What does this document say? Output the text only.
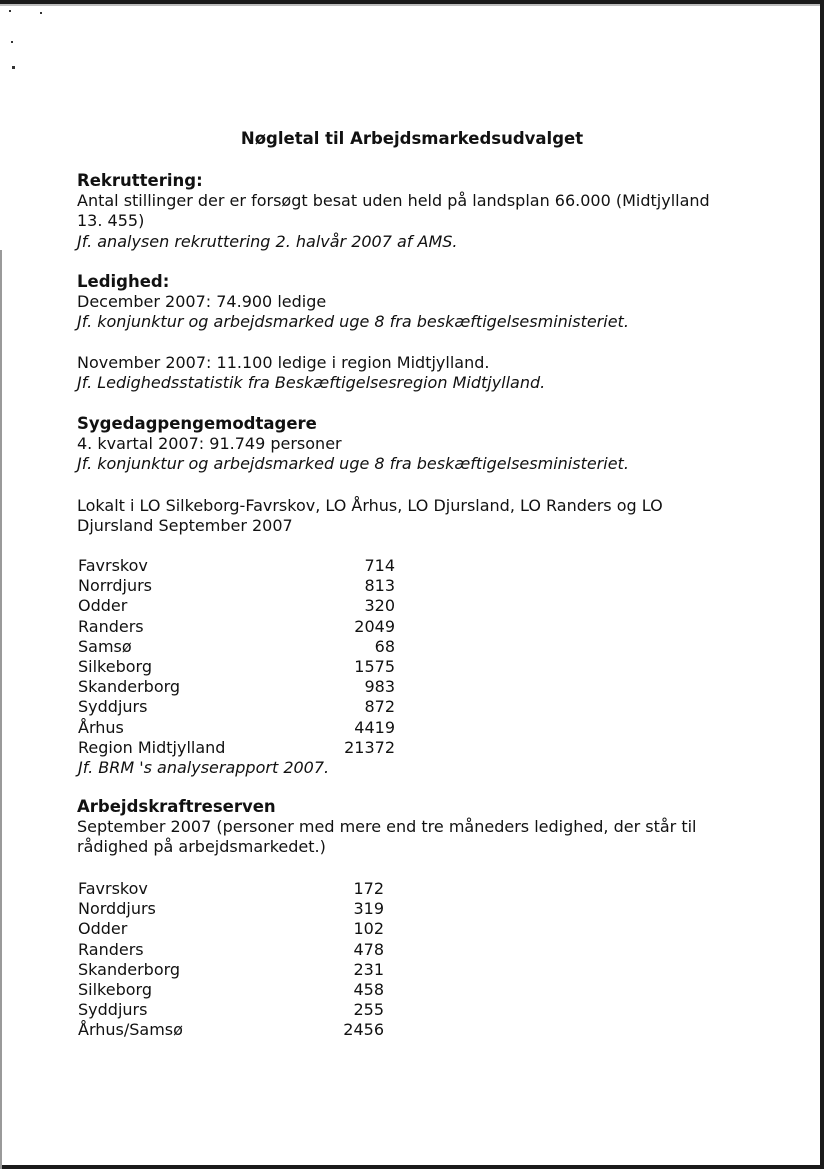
Nøgletal til Arbejdsmarkedsudvalget
Rekruttering:
Antal stillinger der er forsøgt besat uden held på landsplan 66.000 (Midtjylland
13. 455)
Jf. analysen rekruttering 2. halvår 2007 af AMS.
Ledighed:
December 2007: 74.900 ledige
Jf. konjunktur og arbejdsmarked uge 8 fra beskæftigelsesministeriet.
November 2007: 11.100 ledige i region Midtjylland.
Jf. Ledighedsstatistik fra Beskæftigelsesregion Midtjylland.
Sygedagpengemodtagere
4. kvartal 2007: 91.749 personer
Jf. konjunktur og arbejdsmarked uge 8 fra beskæftigelsesministeriet.
Lokalt i LO Silkeborg-Favrskov, LO Århus, LO Djursland, LO Randers og LO
Djursland September 2007
Favrskov	714
Norrdjurs	813
Odder	320
Randers	2049
Samsø	68
Silkeborg	1575
Skanderborg	983
Syddjurs	872
Århus	4419
Region Midtjylland	21372
Jf. BRM 's analyserapport 2007.
Arbejdskraftreserven
September 2007 (personer med mere end tre måneders ledighed, der står til
rådighed på arbejdsmarkedet.)
Favrskov	172
Norddjurs	319
Odder	102
Randers	478
Skanderborg	231
Silkeborg	458
Syddjurs	255
Århus/Samsø	2456
